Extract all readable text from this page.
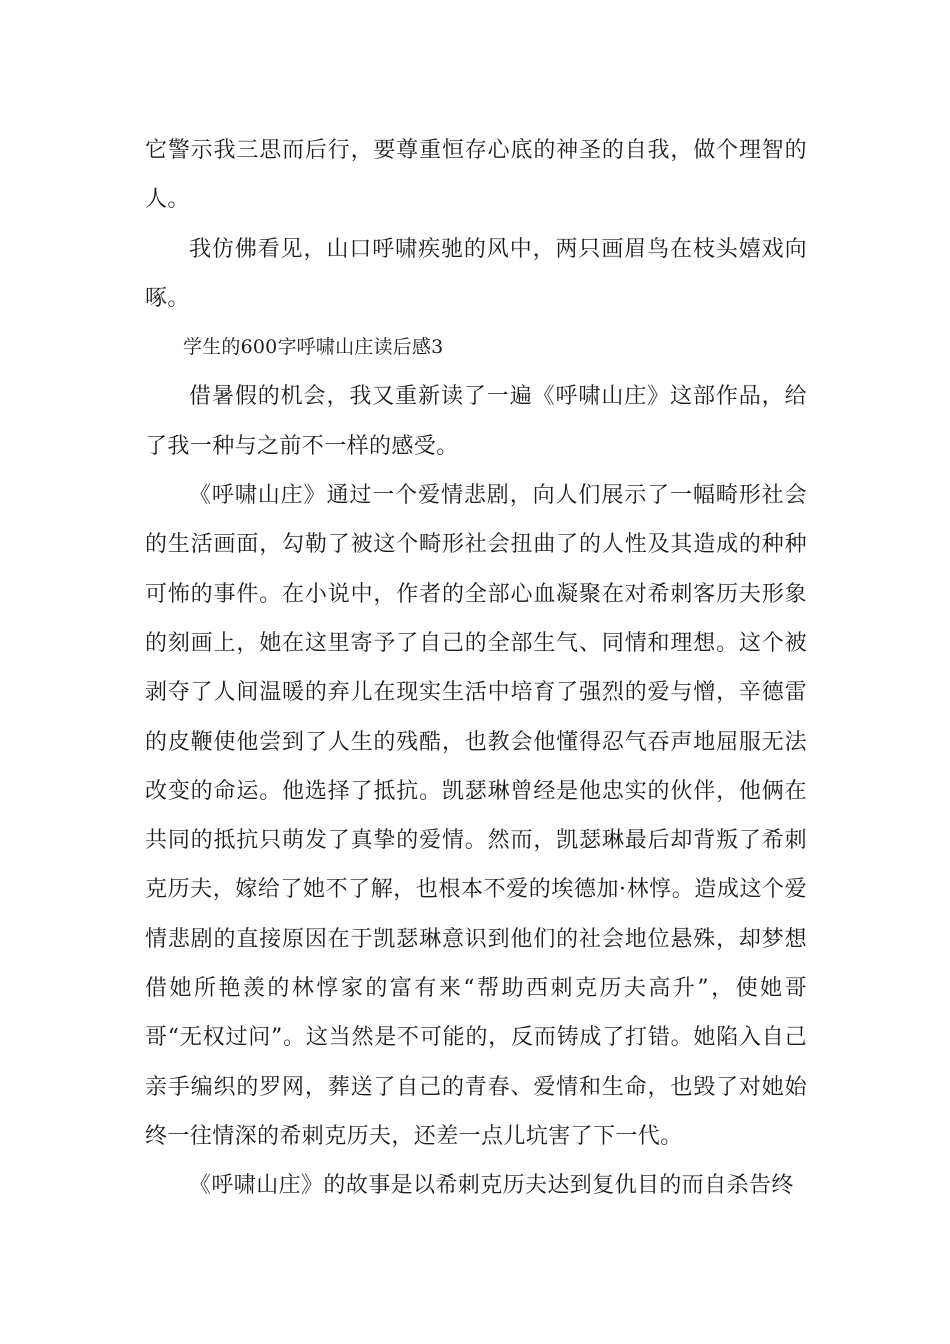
它警示我三思而后行，要尊重恒存心底的神圣的自我，做个理智的人。

我仿佛看见，山口呼啸疾驰的风中，两只画眉鸟在枝头嬉戏向啄。

学生的600字呼啸山庄读后感3

借暑假的机会，我又重新读了一遍《呼啸山庄》这部作品，给了我一种与之前不一样的感受。

《呼啸山庄》通过一个爱情悲剧，向人们展示了一幅畸形社会的生活画面，勾勒了被这个畸形社会扭曲了的人性及其造成的种种可怖的事件。在小说中，作者的全部心血凝聚在对希刺客历夫形象的刻画上，她在这里寄予了自己的全部生气、同情和理想。这个被剥夺了人间温暖的弃儿在现实生活中培育了强烈的爱与憎，辛德雷的皮鞭使他尝到了人生的残酷，也教会他懂得忍气吞声地屈服无法改变的命运。他选择了抵抗。凯瑟琳曾经是他忠实的伙伴，他俩在共同的抵抗只萌发了真挚的爱情。然而，凯瑟琳最后却背叛了希刺克历夫，嫁给了她不了解，也根本不爱的埃德加·林惇。造成这个爱情悲剧的直接原因在于凯瑟琳意识到他们的社会地位悬殊，却梦想借她所艳羡的林惇家的富有来“帮助西刺克历夫高升”，使她哥哥“无权过问”。这当然是不可能的，反而铸成了打错。她陷入自己亲手编织的罗网，葬送了自己的青春、爱情和生命，也毁了对她始终一往情深的希刺克历夫，还差一点儿坑害了下一代。

《呼啸山庄》的故事是以希刺克历夫达到复仇目的而自杀告终
